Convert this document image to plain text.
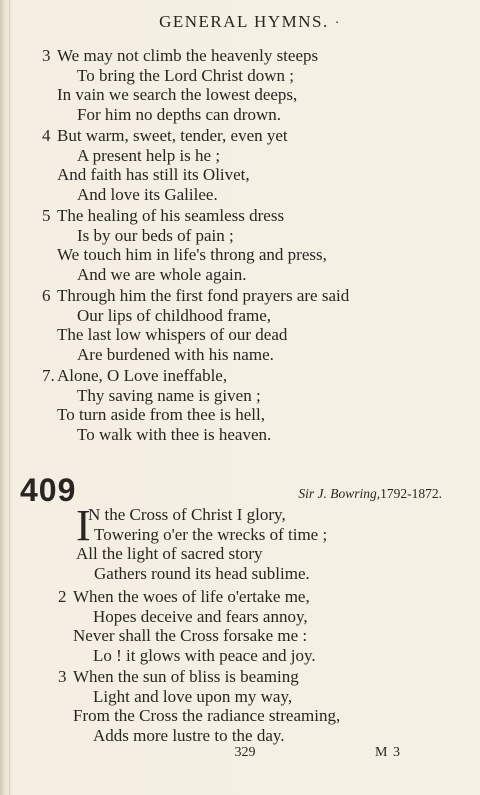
GENERAL HYMNS. ·
3 We may not climb the heavenly steeps
To bring the Lord Christ down ;
In vain we search the lowest deeps,
For him no depths can drown.
4 But warm, sweet, tender, even yet
A present help is he ;
And faith has still its Olivet,
And love its Galilee.
5 The healing of his seamless dress
Is by our beds of pain ;
We touch him in life's throng and press,
And we are whole again.
6 Through him the first fond prayers are said
Our lips of childhood frame,
The last low whispers of our dead
Are burdened with his name.
7. Alone, O Love ineffable,
Thy saving name is given ;
To turn aside from thee is hell,
To walk with thee is heaven.
409	Sir J. Bowring,1792-1872.
I
N the Cross of Christ I glory,
Towering o'er the wrecks of time ;
All the light of sacred story
Gathers round its head sublime.
2 When the woes of life o'ertake me,
Hopes deceive and fears annoy,
Never shall the Cross forsake me :
Lo ! it glows with peace and joy.
3 When the sun of bliss is beaming
Light and love upon my way,
From the Cross the radiance streaming,
Adds more lustre to the day.
329	M 3
